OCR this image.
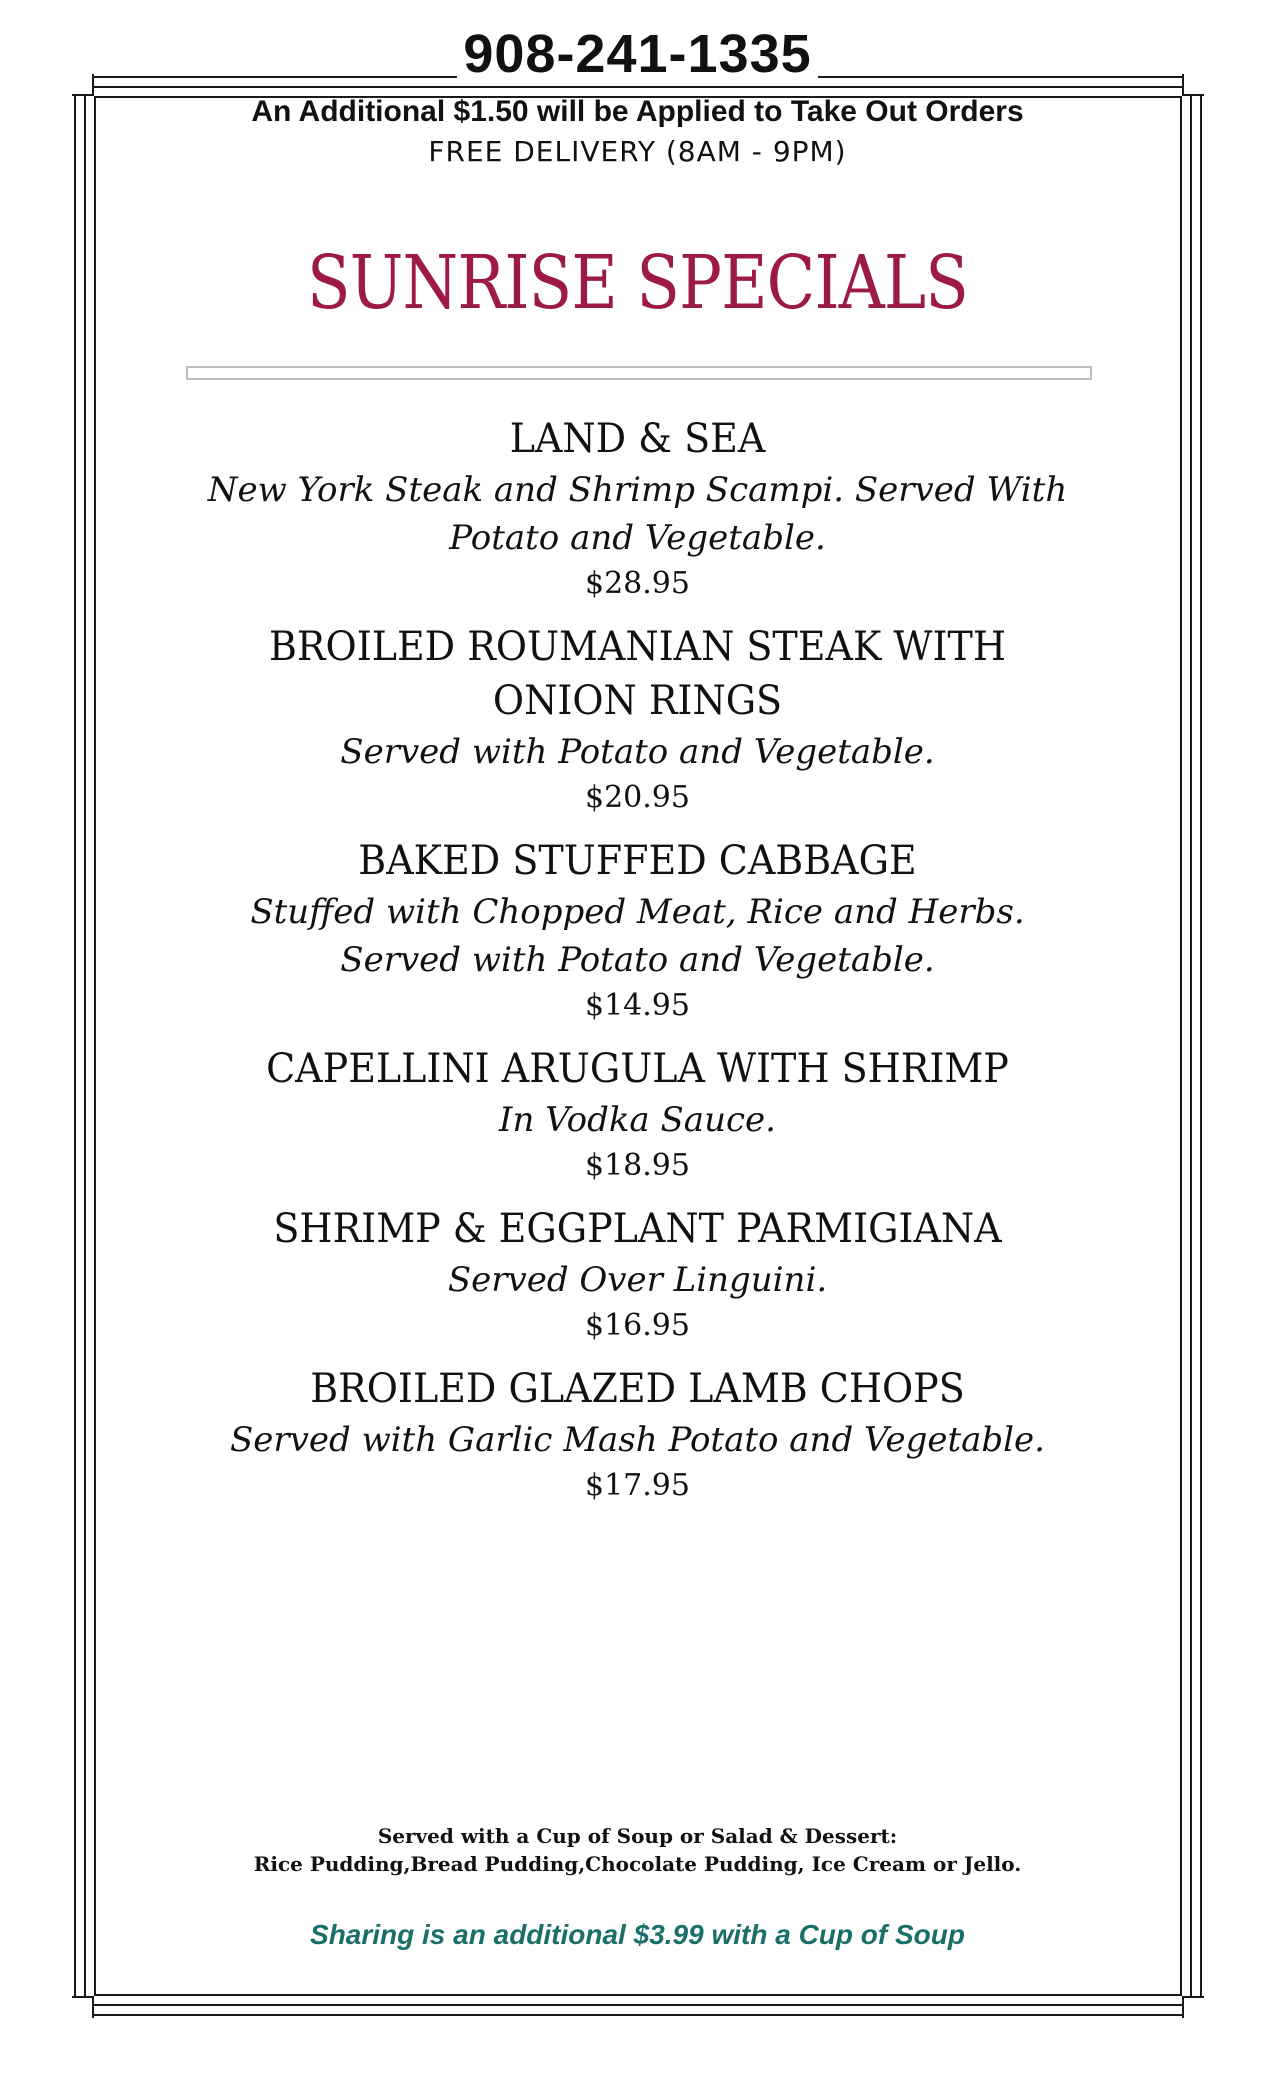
908-241-1335
An Additional $1.50 will be Applied to Take Out Orders
FREE DELIVERY (8AM - 9PM)
SUNRISE SPECIALS
LAND & SEA
New York Steak and Shrimp Scampi. Served With Potato and Vegetable.
$28.95
BROILED ROUMANIAN STEAK WITH ONION RINGS
Served with Potato and Vegetable.
$20.95
BAKED STUFFED CABBAGE
Stuffed with Chopped Meat, Rice and Herbs. Served with Potato and Vegetable.
$14.95
CAPELLINI ARUGULA WITH SHRIMP
In Vodka Sauce.
$18.95
SHRIMP & EGGPLANT PARMIGIANA
Served Over Linguini.
$16.95
BROILED GLAZED LAMB CHOPS
Served with Garlic Mash Potato and Vegetable.
$17.95
Served with a Cup of Soup or Salad & Dessert:
Rice Pudding,Bread Pudding,Chocolate Pudding, Ice Cream or Jello.
Sharing is an additional $3.99 with a Cup of Soup
